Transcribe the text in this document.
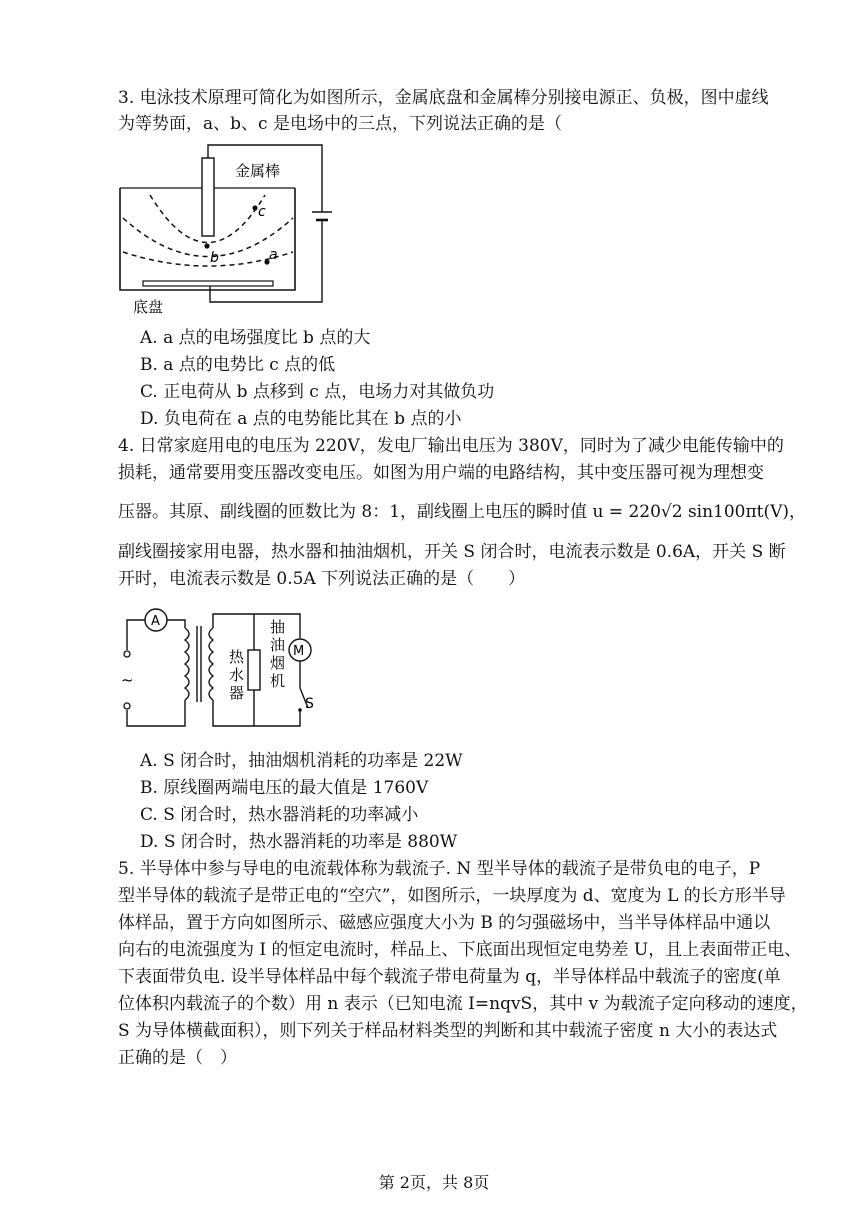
3. 电泳技术原理可简化为如图所示，金属底盘和金属棒分别接电源正、负极，图中虚线
为等势面，a、b、c 是电场中的三点，下列说法正确的是（
金属棒
b	a
c
底盘
A. a 点的电场强度比 b 点的大
B. a 点的电势比 c 点的低
C. 正电荷从 b 点移到 c 点，电场力对其做负功
D. 负电荷在 a 点的电势能比其在 b 点的小
4. 日常家庭用电的电压为 220V，发电厂输出电压为 380V，同时为了减少电能传输中的
损耗，通常要用变压器改变电压。如图为用户端的电路结构，其中变压器可视为理想变
压器。其原、副线圈的匝数比为 8：1，副线圈上电压的瞬时值 u = 220√2 sin100πt(V)，
副线圈接家用电器，热水器和抽油烟机，开关 S 闭合时，电流表示数是 0.6A，开关 S 断
开时，电流表示数是 0.5A 下列说法正确的是（　　）
A
~
热
水
器
M
S
抽
油
烟
机
A. S 闭合时，抽油烟机消耗的功率是 22W
B. 原线圈两端电压的最大值是 1760V
C. S 闭合时，热水器消耗的功率减小
D. S 闭合时，热水器消耗的功率是 880W
5. 半导体中参与导电的电流载体称为载流子. N 型半导体的载流子是带负电的电子，P
型半导体的载流子是带正电的“空穴”，如图所示，一块厚度为 d、宽度为 L 的长方形半导
体样品，置于方向如图所示、磁感应强度大小为 B 的匀强磁场中，当半导体样品中通以
向右的电流强度为 I 的恒定电流时，样品上、下底面出现恒定电势差 U，且上表面带正电、
下表面带负电. 设半导体样品中每个载流子带电荷量为 q，半导体样品中载流子的密度(单
位体积内载流子的个数）用 n 表示（已知电流 I=nqvS，其中 v 为载流子定向移动的速度，
S 为导体横截面积），则下列关于样品材料类型的判断和其中载流子密度 n 大小的表达式
正确的是（　）
第 2页，共 8页
